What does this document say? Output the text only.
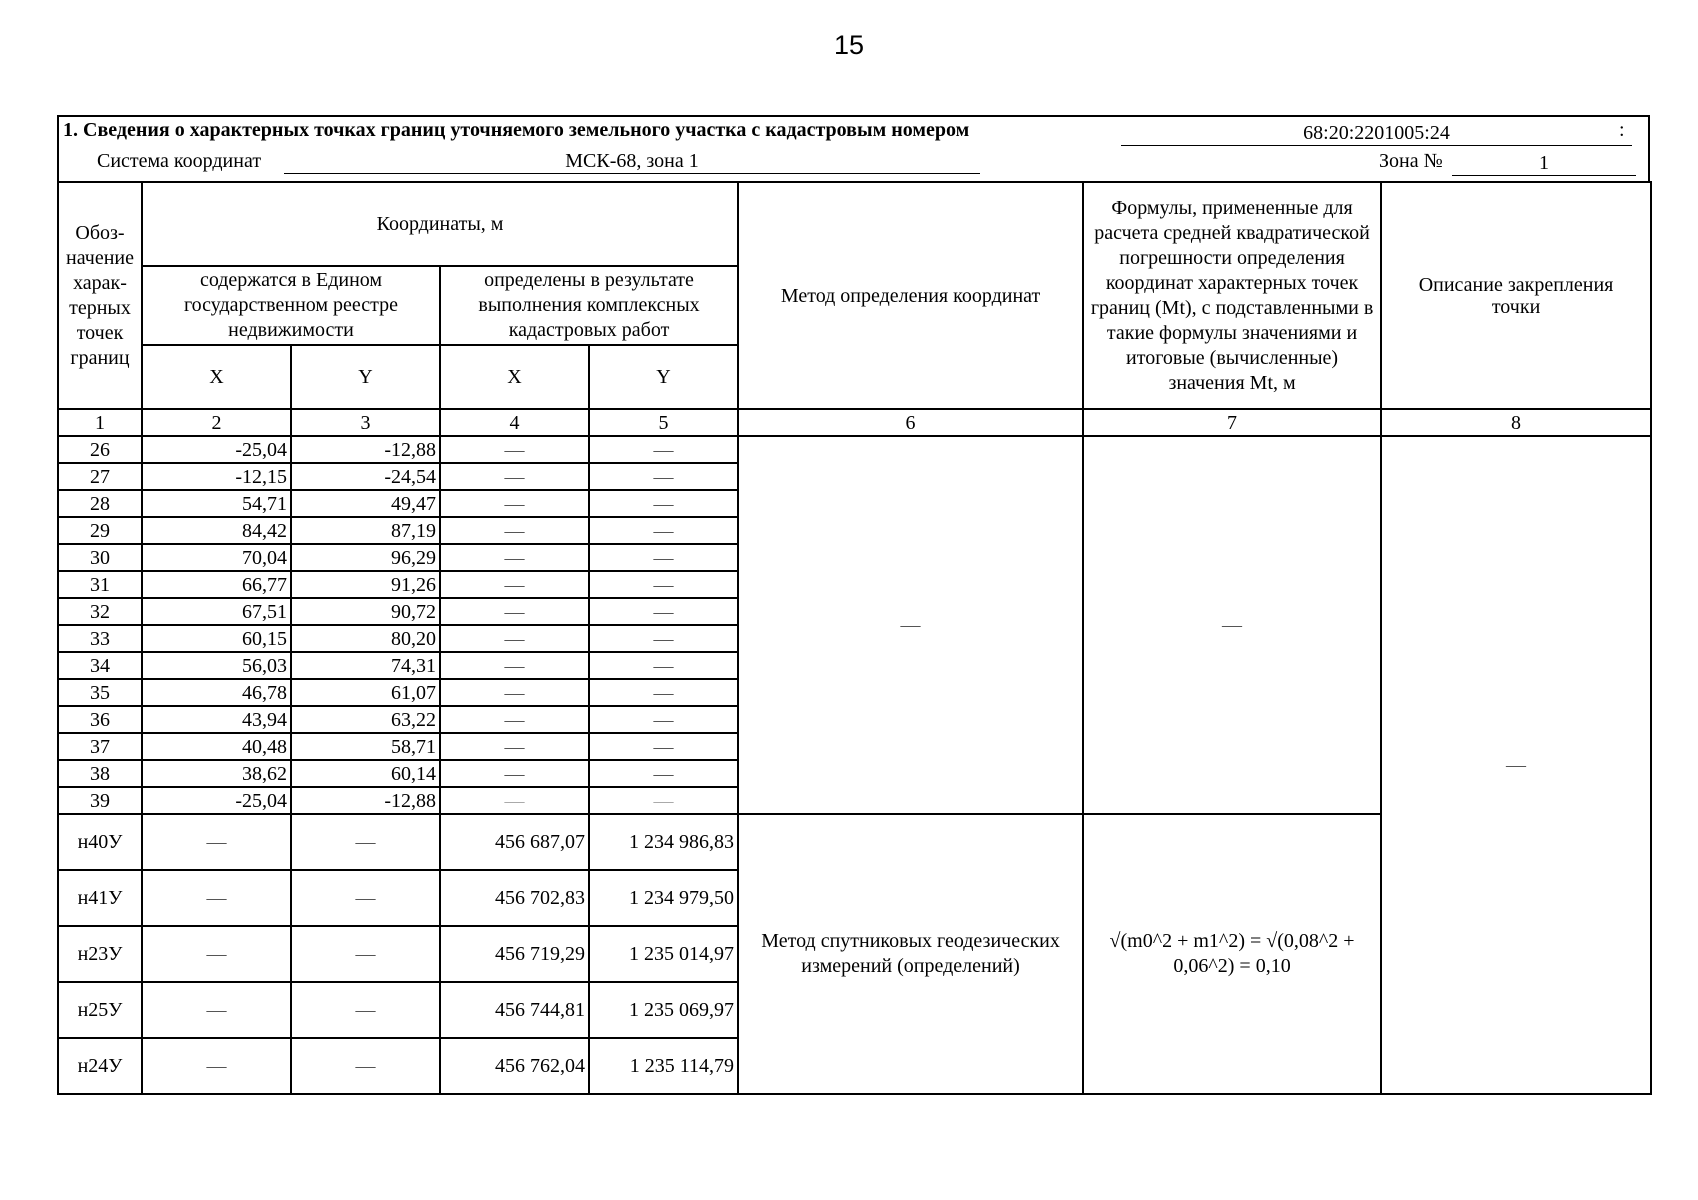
15
1. Сведения о характерных точках границ уточняемого земельного участка с кадастровым номером	68:20:2201005:24	:
Система координат	МСК-68, зона 1	Зона №	1
Обоз-начение харак-терных точек границ	Координаты, м				Метод определения координат	Формулы, примененные для расчета средней квадратической погрешности определения координат характерных точек границ (Mt), с подставленными в такие формулы значениями и итоговые (вычисленные) значения Mt, м	Описание закрепления точки
	содержатся в Едином государственном реестре недвижимости		определены в результате выполнения комплексных кадастровых работ				
	X	Y	X	Y			
1	2	3	4	5	6	7	8
26	-25,04	-12,88	—	—	—	—	—
27	-12,15	-24,54	—	—			
28	54,71	49,47	—	—			
29	84,42	87,19	—	—			
30	70,04	96,29	—	—			
31	66,77	91,26	—	—			
32	67,51	90,72	—	—			
33	60,15	80,20	—	—			
34	56,03	74,31	—	—			
35	46,78	61,07	—	—			
36	43,94	63,22	—	—			
37	40,48	58,71	—	—			
38	38,62	60,14	—	—			
39	-25,04	-12,88	—	—			
н40У	—	—	456 687,07	1 234 986,83	Метод спутниковых геодезических измерений (определений)	√(m0^2 + m1^2) = √(0,08^2 + 0,06^2) = 0,10	
н41У	—	—	456 702,83	1 234 979,50			
н23У	—	—	456 719,29	1 235 014,97			
н25У	—	—	456 744,81	1 235 069,97			
н24У	—	—	456 762,04	1 235 114,79			
